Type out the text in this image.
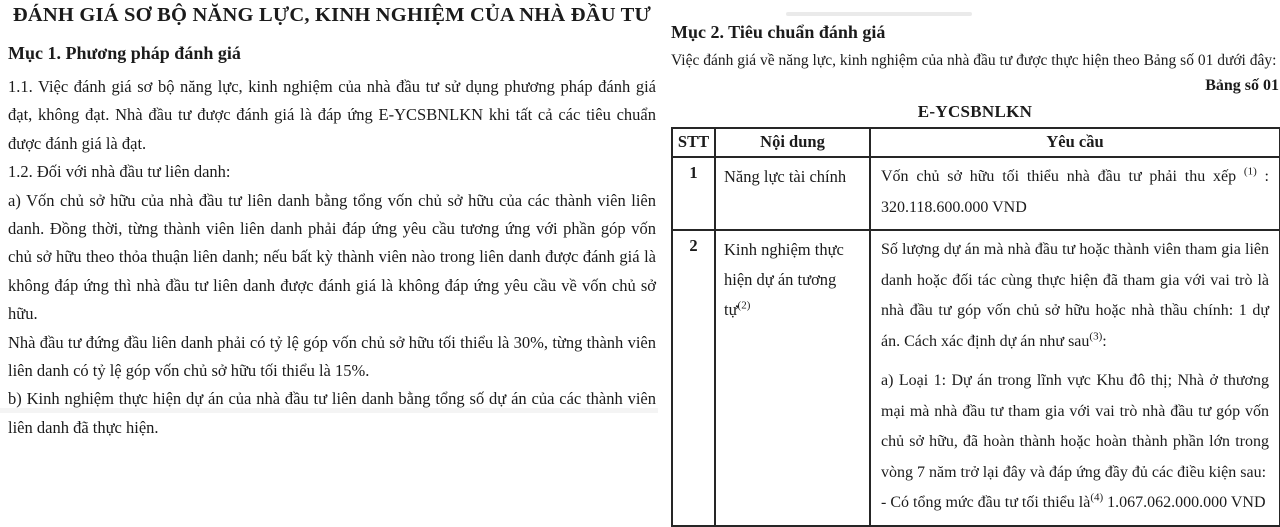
ĐÁNH GIÁ SƠ BỘ NĂNG LỰC, KINH NGHIỆM CỦA NHÀ ĐẦU TƯ
Mục 1. Phương pháp đánh giá

1.1. Việc đánh giá sơ bộ năng lực, kinh nghiệm của nhà đầu tư sử dụng phương pháp đánh giá đạt, không đạt. Nhà đầu tư được đánh giá là đáp ứng E-YCSBNLKN khi tất cả các tiêu chuẩn được đánh giá là đạt.

1.2. Đối với nhà đầu tư liên danh:

a) Vốn chủ sở hữu của nhà đầu tư liên danh bằng tổng vốn chủ sở hữu của các thành viên liên danh. Đồng thời, từng thành viên liên danh phải đáp ứng yêu cầu tương ứng với phần góp vốn chủ sở hữu theo thỏa thuận liên danh; nếu bất kỳ thành viên nào trong liên danh được đánh giá là không đáp ứng thì nhà đầu tư liên danh được đánh giá là không đáp ứng yêu cầu về vốn chủ sở hữu.

Nhà đầu tư đứng đầu liên danh phải có tỷ lệ góp vốn chủ sở hữu tối thiểu là 30%, từng thành viên liên danh có tỷ lệ góp vốn chủ sở hữu tối thiểu là 15%.

b) Kinh nghiệm thực hiện dự án của nhà đầu tư liên danh bằng tổng số dự án của các thành viên liên danh đã thực hiện.

Mục 2. Tiêu chuẩn đánh giá

Việc đánh giá về năng lực, kinh nghiệm của nhà đầu tư được thực hiện theo Bảng số 01 dưới đây:

Bảng số 01

E-YCSBNLKN

STT	Nội dung	Yêu cầu
1	Năng lực tài chính	Vốn chủ sở hữu tối thiểu nhà đầu tư phải thu xếp $^{(1)}$ :

320.118.600.000 VND

2	Kinh nghiệm thực hiện dự án tương tự$^{(2)}$	Số lượng dự án mà nhà đầu tư hoặc thành viên tham gia liên danh hoặc đối tác cùng thực hiện đã tham gia với vai trò là nhà đầu tư góp vốn chủ sở hữu hoặc nhà thầu chính: 1 dự án. Cách xác định dự án như sau$^{(3)}$:

a) Loại 1: Dự án trong lĩnh vực Khu đô thị; Nhà ở thương mại mà nhà đầu tư tham gia với vai trò nhà đầu tư góp vốn chủ sở hữu, đã hoàn thành hoặc hoàn thành phần lớn trong vòng 7 năm trở lại đây và đáp ứng đầy đủ các điều kiện sau:

- Có tổng mức đầu tư tối thiểu là$^{(4)}$ 1.067.062.000.000 VND
